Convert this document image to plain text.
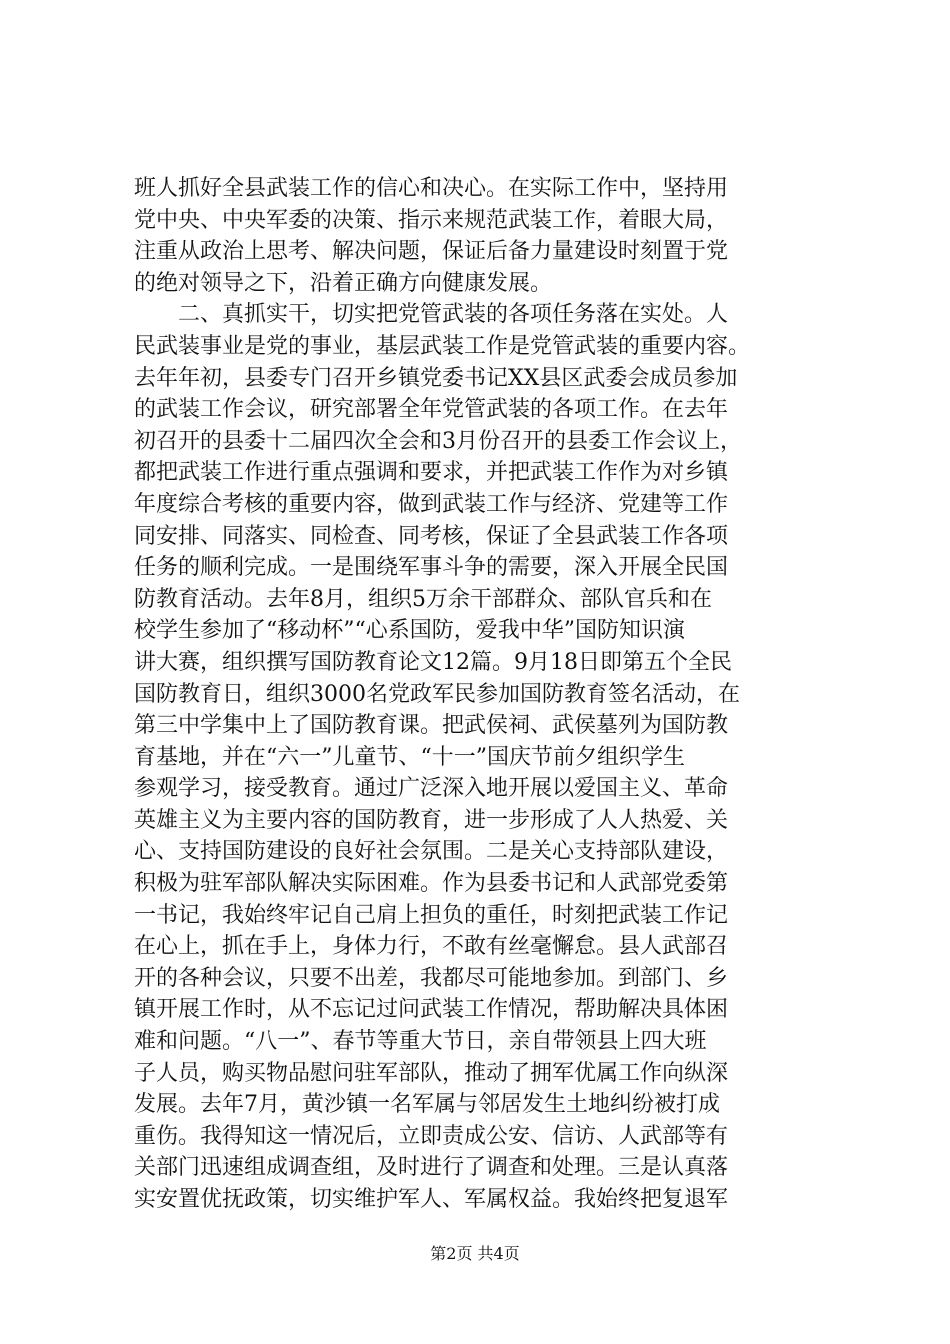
班人抓好全县武装工作的信心和决心。在实际工作中，坚持用
党中央、中央军委的决策、指示来规范武装工作，着眼大局，
注重从政治上思考、解决问题，保证后备力量建设时刻置于党
的绝对领导之下，沿着正确方向健康发展。
　　二、真抓实干，切实把党管武装的各项任务落在实处。人
民武装事业是党的事业，基层武装工作是党管武装的重要内容。
去年年初，县委专门召开乡镇党委书记XX县区武委会成员参加
的武装工作会议，研究部署全年党管武装的各项工作。在去年
初召开的县委十二届四次全会和3月份召开的县委工作会议上，
都把武装工作进行重点强调和要求，并把武装工作作为对乡镇
年度综合考核的重要内容，做到武装工作与经济、党建等工作
同安排、同落实、同检查、同考核，保证了全县武装工作各项
任务的顺利完成。一是围绕军事斗争的需要，深入开展全民国
防教育活动。去年8月，组织5万余干部群众、部队官兵和在
校学生参加了“移动杯”“心系国防，爱我中华”国防知识演
讲大赛，组织撰写国防教育论文12篇。9月18日即第五个全民
国防教育日，组织3000名党政军民参加国防教育签名活动，在
第三中学集中上了国防教育课。把武侯祠、武侯墓列为国防教
育基地，并在“六一”儿童节、“十一”国庆节前夕组织学生
参观学习，接受教育。通过广泛深入地开展以爱国主义、革命
英雄主义为主要内容的国防教育，进一步形成了人人热爱、关
心、支持国防建设的良好社会氛围。二是关心支持部队建设，
积极为驻军部队解决实际困难。作为县委书记和人武部党委第
一书记，我始终牢记自己肩上担负的重任，时刻把武装工作记
在心上，抓在手上，身体力行，不敢有丝毫懈怠。县人武部召
开的各种会议，只要不出差，我都尽可能地参加。到部门、乡
镇开展工作时，从不忘记过问武装工作情况，帮助解决具体困
难和问题。“八一”、春节等重大节日，亲自带领县上四大班
子人员，购买物品慰问驻军部队，推动了拥军优属工作向纵深
发展。去年7月，黄沙镇一名军属与邻居发生土地纠纷被打成
重伤。我得知这一情况后，立即责成公安、信访、人武部等有
关部门迅速组成调查组，及时进行了调查和处理。三是认真落
实安置优抚政策，切实维护军人、军属权益。我始终把复退军
第2页 共4页
